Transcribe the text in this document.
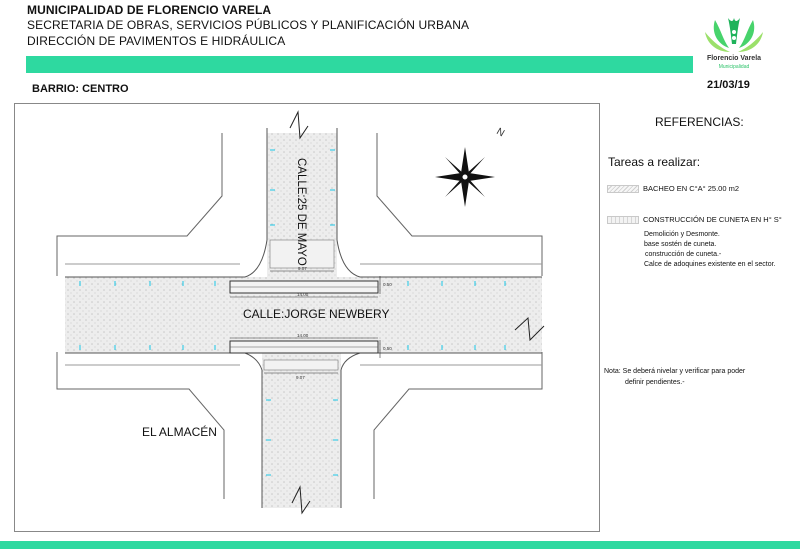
MUNICIPALIDAD DE FLORENCIO VARELA
SECRETARIA DE OBRAS, SERVICIOS PÚBLICOS Y PLANIFICACIÓN URBANA
DIRECCIÓN DE PAVIMENTOS E HIDRÁULICA
Florencio Varela
Municipalidad
21/03/19
BARRIO: CENTRO
9.07
14.00
14.00
9.07
0.50
0.50
N
CALLE:25 DE MAYO
CALLE:JORGE NEWBERY
EL ALMACÉN
REFERENCIAS:
Tareas a realizar:
BACHEO EN C°A° 25.00 m2
CONSTRUCCIÓN DE CUNETA EN H° S°
Demolición y Desmonte.
base sostén de cuneta.
construcción de cuneta.-
Calce de adoquines existente en el sector.
Nota: Se deberá nivelar y verificar para poder
definir pendientes.-
